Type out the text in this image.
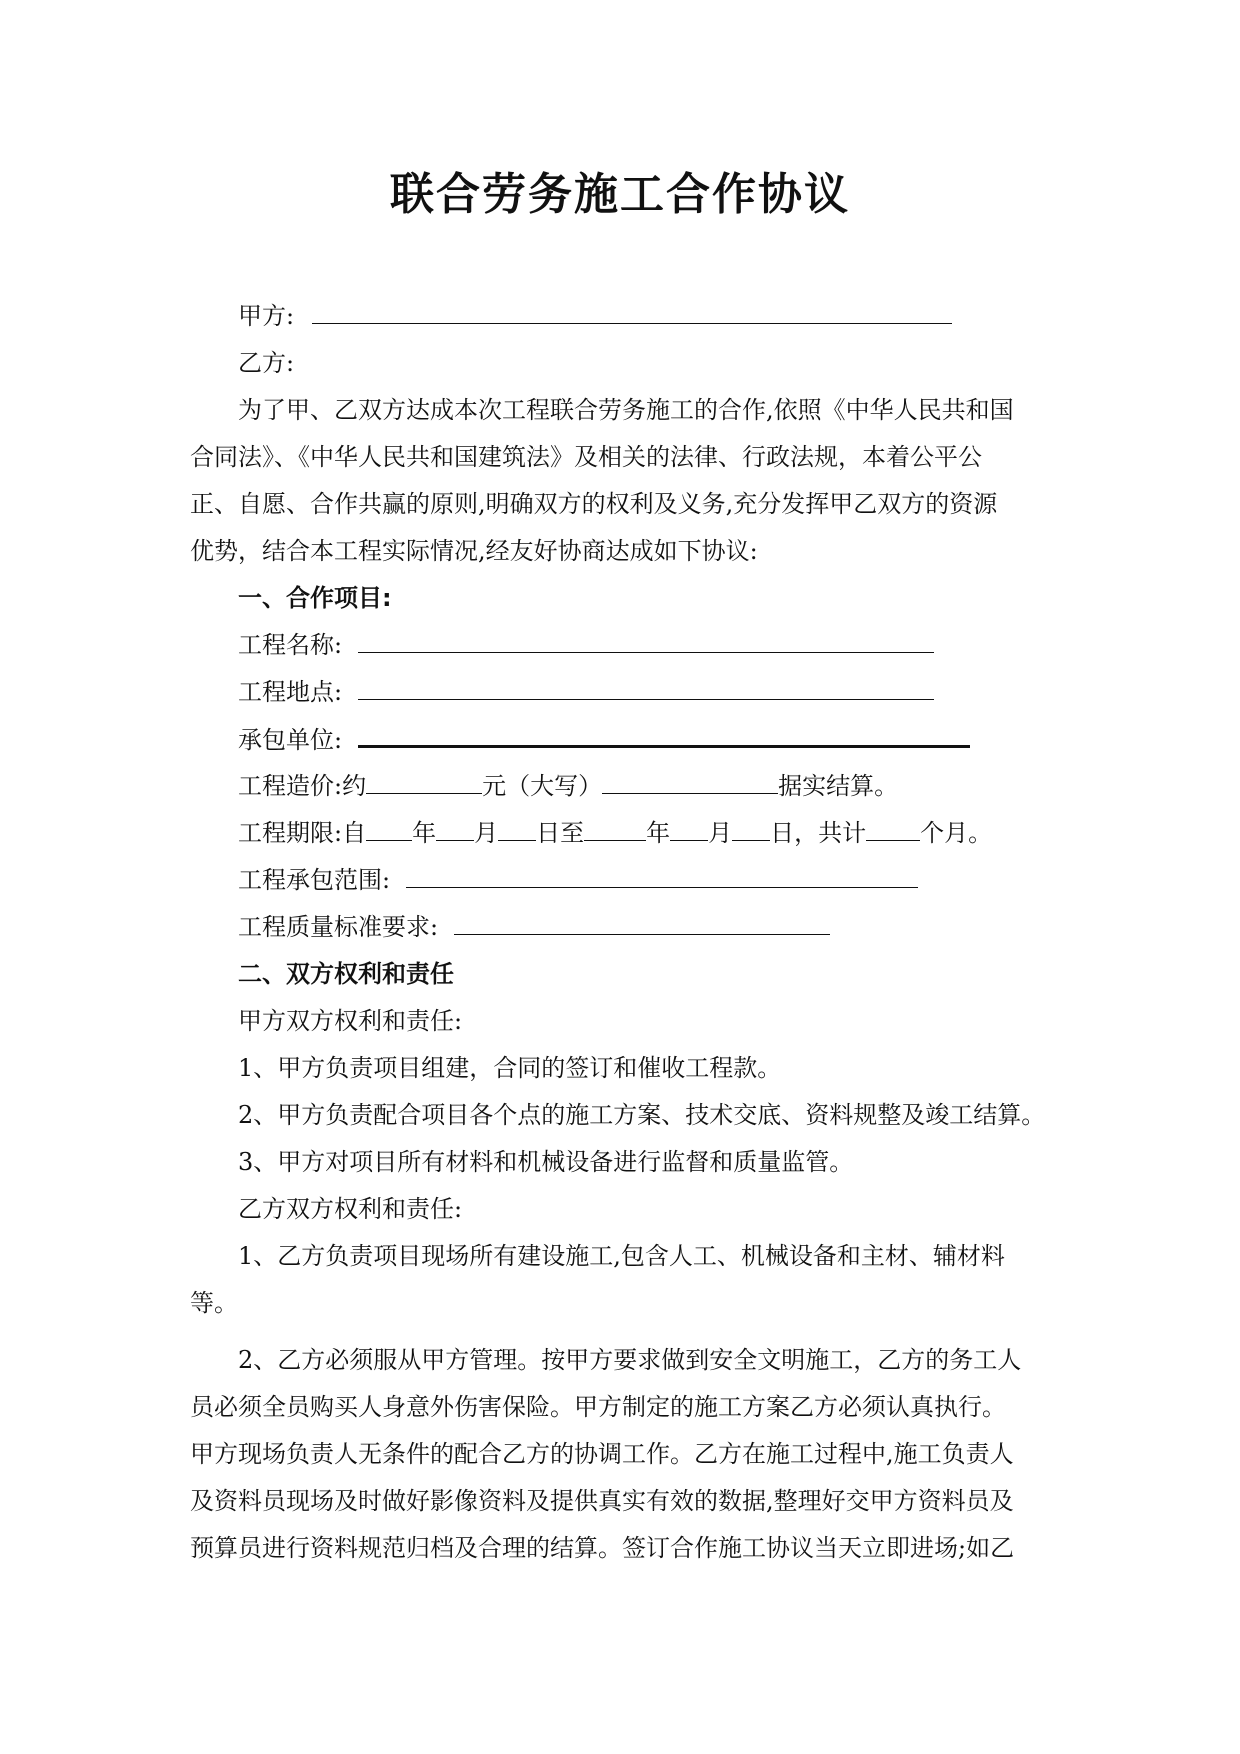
联合劳务施工合作协议
甲方:
乙方:
为了甲、乙双方达成本次工程联合劳务施工的合作,依照《中华人民共和国
合同法》、《中华人民共和国建筑法》及相关的法律、行政法规，本着公平公
正、自愿、合作共赢的原则,明确双方的权利及义务,充分发挥甲乙双方的资源
优势，结合本工程实际情况,经友好协商达成如下协议:
一、合作项目:
工程名称:
工程地点:
承包单位:
工程造价:约	元（大写）	据实结算。
工程期限:自 年 月 日至	年 月 日，共计 个月。
工程承包范围:
工程质量标准要求:
二、双方权利和责任
甲方双方权利和责任:
1、甲方负责项目组建，合同的签订和催收工程款。
2、甲方负责配合项目各个点的施工方案、技术交底、资料规整及竣工结算。
3、甲方对项目所有材料和机械设备进行监督和质量监管。
乙方双方权利和责任:
1、乙方负责项目现场所有建设施工,包含人工、机械设备和主材、辅材料
等。
2、乙方必须服从甲方管理。按甲方要求做到安全文明施工，乙方的务工人
员必须全员购买人身意外伤害保险。甲方制定的施工方案乙方必须认真执行。
甲方现场负责人无条件的配合乙方的协调工作。乙方在施工过程中,施工负责人
及资料员现场及时做好影像资料及提供真实有效的数据,整理好交甲方资料员及
预算员进行资料规范归档及合理的结算。签订合作施工协议当天立即进场;如乙
